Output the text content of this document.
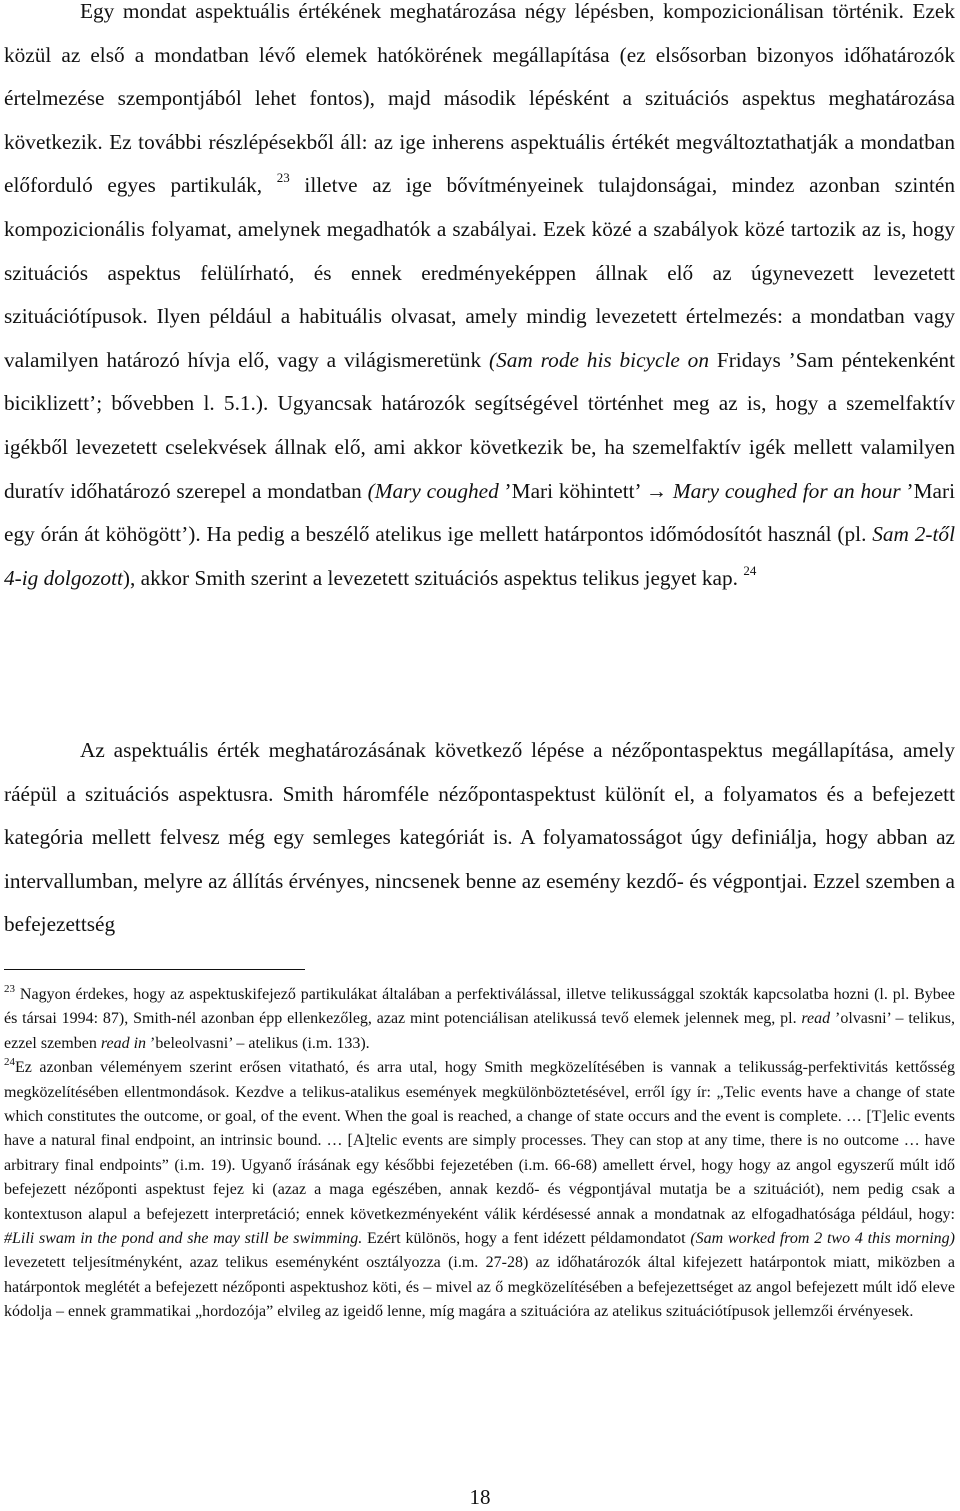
Egy mondat aspektuális értékének meghatározása négy lépésben, kompozicionálisan történik. Ezek közül az első a mondatban lévő elemek hatókörének megállapítása (ez elsősorban bizonyos időhatározók értelmezése szempontjából lehet fontos), majd második lépésként a szituációs aspektus meghatározása következik. Ez további részlépésekből áll: az ige inherens aspektuális értékét megváltoztathatják a mondatban előforduló egyes partikulák, $^{23}$ illetve az ige bővítményeinek tulajdonságai, mindez azonban szintén kompozicionális folyamat, amelynek megadhatók a szabályai. Ezek közé a szabályok közé tartozik az is, hogy szituációs aspektus felülírható, és ennek eredményeképpen állnak elő az úgynevezett levezetett szituációtípusok. Ilyen például a habituális olvasat, amely mindig levezetett értelmezés: a mondatban vagy valamilyen határozó hívja elő, vagy a világismeretünk (Sam rode his bicycle on Fridays ’Sam péntekenként biciklizett’; bővebben l. 5.1.). Ugyancsak határozók segítségével történhet meg az is, hogy a szemelfaktív igékből levezetett cselekvések állnak elő, ami akkor következik be, ha szemelfaktív igék mellett valamilyen duratív időhatározó szerepel a mondatban (Mary coughed ’Mari köhintett’ → Mary coughed for an hour ’Mari egy órán át köhögött’). Ha pedig a beszélő atelikus ige mellett határpontos időmódosítót használ (pl. Sam 2-től 4-ig dolgozott), akkor Smith szerint a levezetett szituációs aspektus telikus jegyet kap. $^{24}$

Az aspektuális érték meghatározásának következő lépése a nézőpontaspektus megállapítása, amely ráépül a szituációs aspektusra. Smith háromféle nézőpontaspektust különít el, a folyamatos és a befejezett kategória mellett felvesz még egy semleges kategóriát is. A folyamatosságot úgy definiálja, hogy abban az intervallumban, melyre az állítás érvényes, nincsenek benne az esemény kezdő- és végpontjai. Ezzel szemben a befejezettség

$^{23}$ Nagyon érdekes, hogy az aspektuskifejező partikulákat általában a perfektiválással, illetve telikussággal szokták kapcsolatba hozni (l. pl. Bybee és társai 1994: 87), Smith-nél azonban épp ellenkezőleg, azaz mint potenciálisan atelikussá tevő elemek jelennek meg, pl. read ’olvasni’ – telikus, ezzel szemben read in ’beleolvasni’ – atelikus (i.m. 133).

$^{24}$Ez azonban véleményem szerint erősen vitatható, és arra utal, hogy Smith megközelítésében is vannak a telikusság-perfektivitás kettősség megközelítésében ellentmondások. Kezdve a telikus-atalikus események megkülönböztetésével, erről így ír: „Telic events have a change of state which constitutes the outcome, or goal, of the event. When the goal is reached, a change of state occurs and the event is complete. … [T]elic events have a natural final endpoint, an intrinsic bound. … [A]telic events are simply processes. They can stop at any time, there is no outcome … have arbitrary final endpoints” (i.m. 19). Ugyanő írásának egy későbbi fejezetében (i.m. 66-68) amellett érvel, hogy hogy az angol egyszerű múlt idő befejezett nézőponti aspektust fejez ki (azaz a maga egészében, annak kezdő- és végpontjával mutatja be a szituációt), nem pedig csak a kontextuson alapul a befejezett interpretáció; ennek következményeként válik kérdésessé annak a mondatnak az elfogadhatósága például, hogy: #Lili swam in the pond and she may still be swimming. Ezért különös, hogy a fent idézett példamondatot (Sam worked from 2 two 4 this morning) levezetett teljesítményként, azaz telikus eseményként osztályozza (i.m. 27-28) az időhatározók által kifejezett határpontok miatt, miközben a határpontok meglétét a befejezett nézőponti aspektushoz köti, és – mivel az ő megközelítésében a befejezettséget az angol befejezett múlt idő eleve kódolja – ennek grammatikai „hordozója” elvileg az igeidő lenne, míg magára a szituációra az atelikus szituációtípusok jellemzői érvényesek.

18
